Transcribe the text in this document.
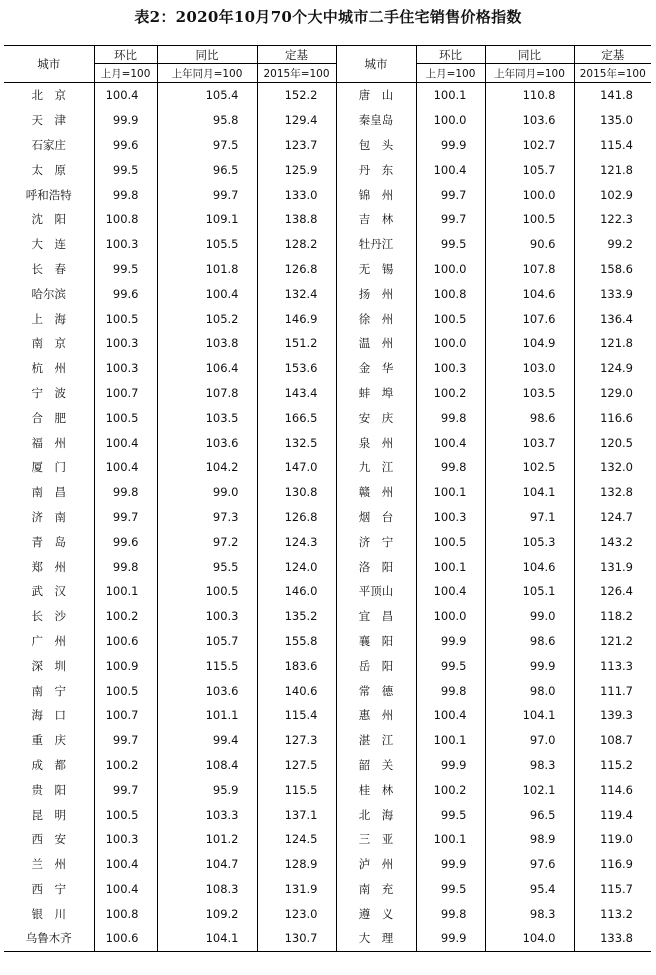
表2：2020年10月70个大中城市二手住宅销售价格指数
城市	环比	同比	定基	城市	环比	同比	定基
	上月=100	上年同月=100	2015年=100		上月=100	上年同月=100	2015年=100
北　京	100.4	105.4	152.2	唐　山	100.1	110.8	141.8
天　津	99.9	95.8	129.4	秦皇岛	100.0	103.6	135.0
石家庄	99.6	97.5	123.7	包　头	99.9	102.7	115.4
太　原	99.5	96.5	125.9	丹　东	100.4	105.7	121.8
呼和浩特	99.8	99.7	133.0	锦　州	99.7	100.0	102.9
沈　阳	100.8	109.1	138.8	吉　林	99.7	100.5	122.3
大　连	100.3	105.5	128.2	牡丹江	99.5	90.6	99.2
长　春	99.5	101.8	126.8	无　锡	100.0	107.8	158.6
哈尔滨	99.6	100.4	132.4	扬　州	100.8	104.6	133.9
上　海	100.5	105.2	146.9	徐　州	100.5	107.6	136.4
南　京	100.3	103.8	151.2	温　州	100.0	104.9	121.8
杭　州	100.3	106.4	153.6	金　华	100.3	103.0	124.9
宁　波	100.7	107.8	143.4	蚌　埠	100.2	103.5	129.0
合　肥	100.5	103.5	166.5	安　庆	99.8	98.6	116.6
福　州	100.4	103.6	132.5	泉　州	100.4	103.7	120.5
厦　门	100.4	104.2	147.0	九　江	99.8	102.5	132.0
南　昌	99.8	99.0	130.8	赣　州	100.1	104.1	132.8
济　南	99.7	97.3	126.8	烟　台	100.3	97.1	124.7
青　岛	99.6	97.2	124.3	济　宁	100.5	105.3	143.2
郑　州	99.8	95.5	124.0	洛　阳	100.1	104.6	131.9
武　汉	100.1	100.5	146.0	平顶山	100.4	105.1	126.4
长　沙	100.2	100.3	135.2	宜　昌	100.0	99.0	118.2
广　州	100.6	105.7	155.8	襄　阳	99.9	98.6	121.2
深　圳	100.9	115.5	183.6	岳　阳	99.5	99.9	113.3
南　宁	100.5	103.6	140.6	常　德	99.8	98.0	111.7
海　口	100.7	101.1	115.4	惠　州	100.4	104.1	139.3
重　庆	99.7	99.4	127.3	湛　江	100.1	97.0	108.7
成　都	100.2	108.4	127.5	韶　关	99.9	98.3	115.2
贵　阳	99.7	95.9	115.5	桂　林	100.2	102.1	114.6
昆　明	100.5	103.3	137.1	北　海	99.5	96.5	119.4
西　安	100.3	101.2	124.5	三　亚	100.1	98.9	119.0
兰　州	100.4	104.7	128.9	泸　州	99.9	97.6	116.9
西　宁	100.4	108.3	131.9	南　充	99.5	95.4	115.7
银　川	100.8	109.2	123.0	遵　义	99.8	98.3	113.2
乌鲁木齐	100.6	104.1	130.7	大　理	99.9	104.0	133.8
